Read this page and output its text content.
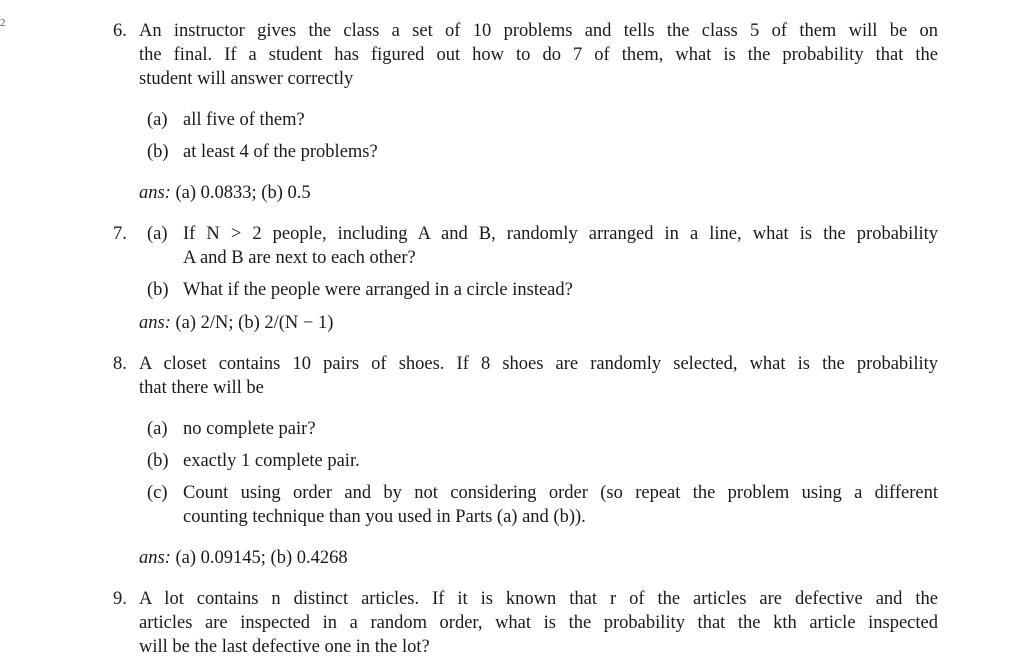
2	6. An instructor gives the class a set of 10 problems and tells the class 5 of them will be on
the final. If a student has figured out how to do 7 of them, what is the probability that the
student will answer correctly
(a) all five of them?
(b) at least 4 of the problems?
ans: (a) 0.0833; (b) 0.5
7. (a) If N > 2 people, including A and B, randomly arranged in a line, what is the probability
A and B are next to each other?
(b) What if the people were arranged in a circle instead?
ans: (a) 2/N; (b) 2/(N − 1)
8. A closet contains 10 pairs of shoes. If 8 shoes are randomly selected, what is the probability
that there will be
(a) no complete pair?
(b) exactly 1 complete pair.
(c) Count using order and by not considering order (so repeat the problem using a different
counting technique than you used in Parts (a) and (b)).
ans: (a) 0.09145; (b) 0.4268
9. A lot contains n distinct articles. If it is known that r of the articles are defective and the
articles are inspected in a random order, what is the probability that the kth article inspected
will be the last defective one in the lot?
